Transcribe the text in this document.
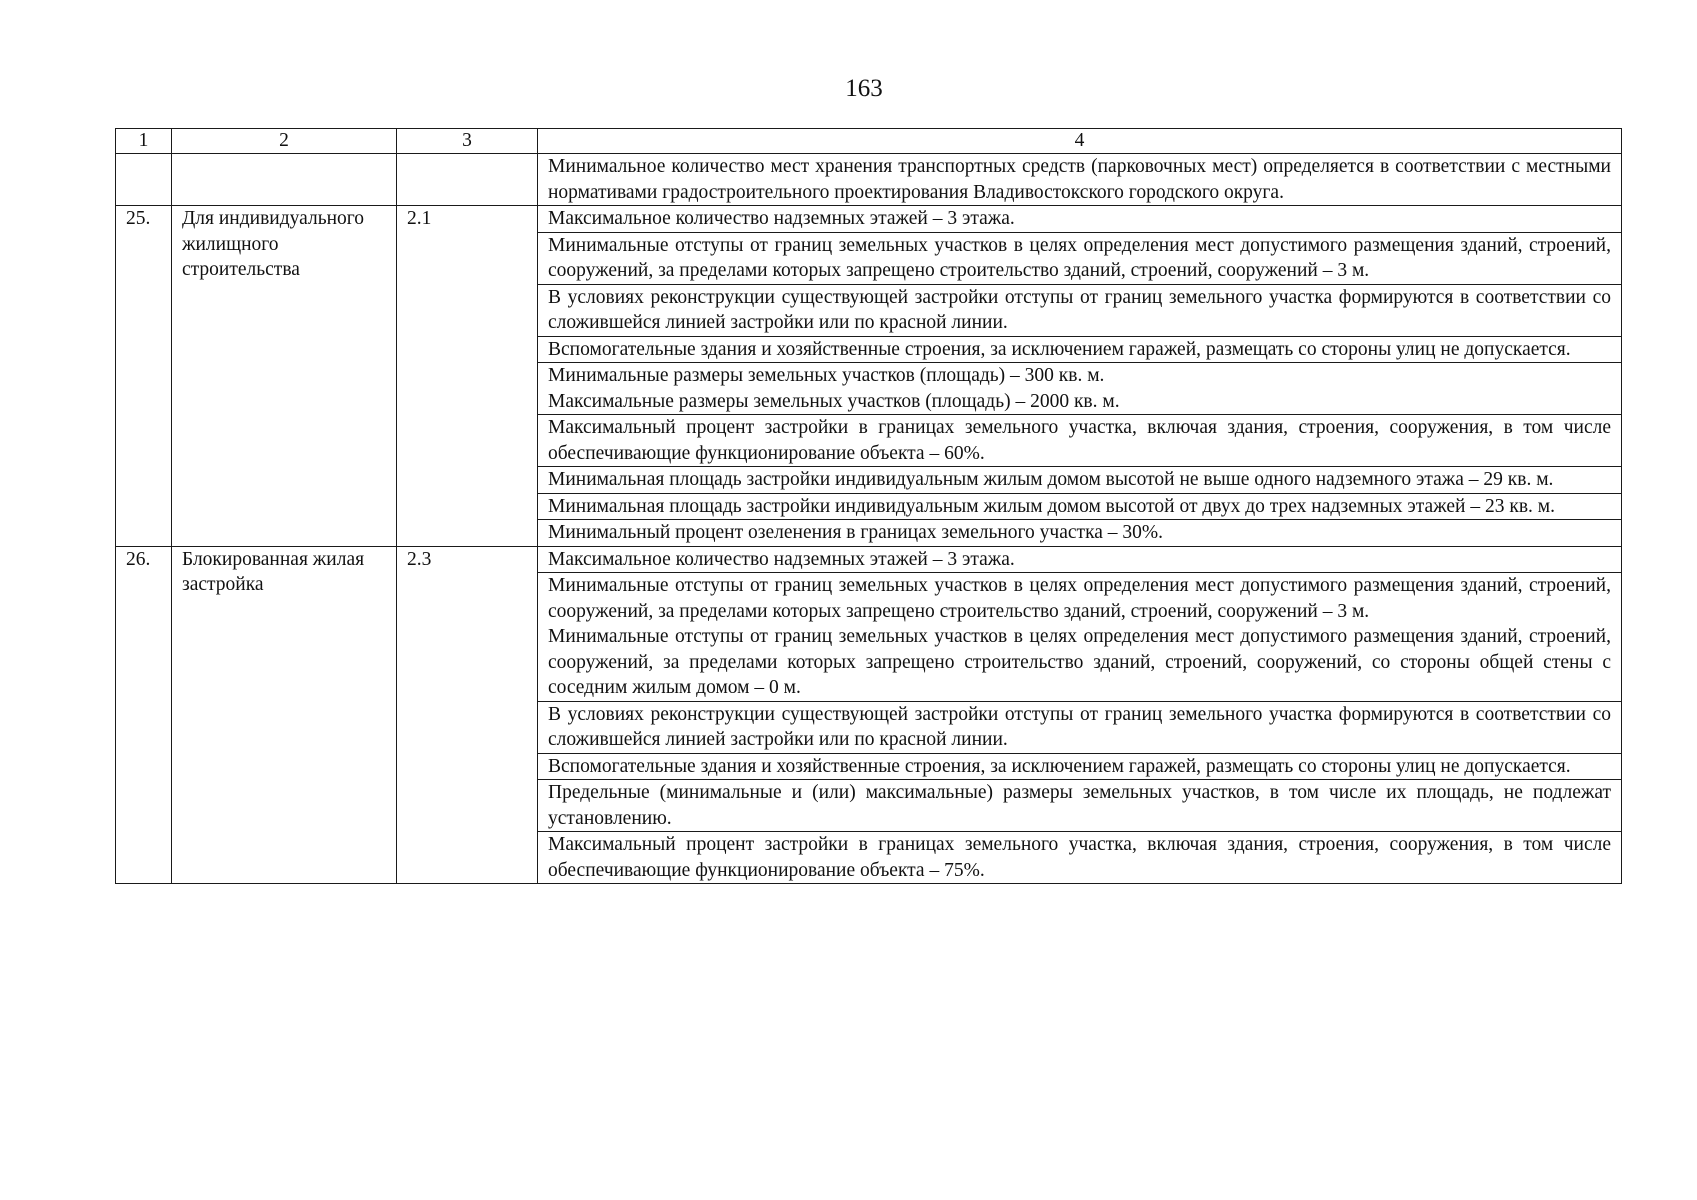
163
1	2	3	4
			Минимальное количество мест хранения транспортных средств (парковочных мест) определяется в соответствии с местными нормативами градостроительного проектирования Владивостокского городского округа.
25.	Для индивидуального жилищного строительства	2.1	Максимальное количество надземных этажей – 3 этажа.
			Минимальные отступы от границ земельных участков в целях определения мест допустимого размещения зданий, строений, сооружений, за пределами которых запрещено строительство зданий, строений, сооружений – 3 м.
			В условиях реконструкции существующей застройки отступы от границ земельного участка формируются в соответствии со сложившейся линией застройки или по красной линии.
			Вспомогательные здания и хозяйственные строения, за исключением гаражей, размещать со стороны улиц не допускается.

			Минимальные размеры земельных участков (площадь) – 300 кв. м.
Максимальные размеры земельных участков (площадь) – 2000 кв. м.

			Максимальный процент застройки в границах земельного участка, включая здания, строения, сооружения, в том числе обеспечивающие функционирование объекта – 60%.
			Минимальная площадь застройки индивидуальным жилым домом высотой не выше одного надземного этажа – 29 кв. м.
			Минимальная площадь застройки индивидуальным жилым домом высотой от двух до трех надземных этажей – 23 кв. м.
			Минимальный процент озеленения в границах земельного участка – 30%.
26.	Блокированная жилая застройка	2.3	Максимальное количество надземных этажей – 3 этажа.

			Минимальные отступы от границ земельных участков в целях определения мест допустимого размещения зданий, строений, сооружений, за пределами которых запрещено строительство зданий, строений, сооружений – 3 м.
Минимальные отступы от границ земельных участков в целях определения мест допустимого размещения зданий, строений, сооружений, за пределами которых запрещено строительство зданий, строений, сооружений, со стороны общей стены с соседним жилым домом – 0 м.

			В условиях реконструкции существующей застройки отступы от границ земельного участка формируются в соответствии со сложившейся линией застройки или по красной линии.
			Вспомогательные здания и хозяйственные строения, за исключением гаражей, размещать со стороны улиц не допускается.
			Предельные (минимальные и (или) максимальные) размеры земельных участков, в том числе их площадь, не подлежат установлению.
			Максимальный процент застройки в границах земельного участка, включая здания, строения, сооружения, в том числе обеспечивающие функционирование объекта – 75%.
